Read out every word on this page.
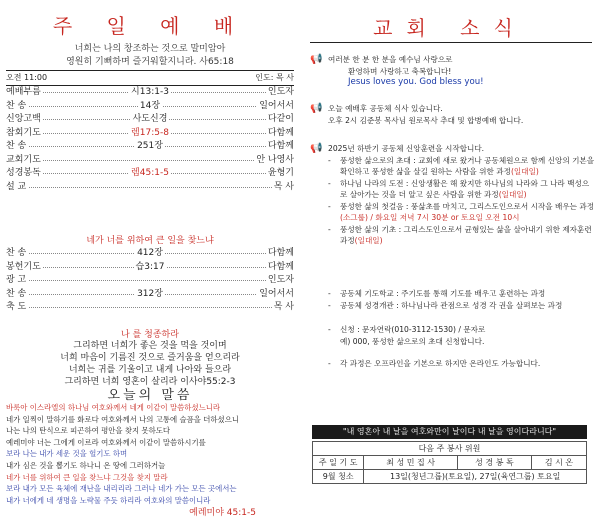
주 일 예 배
너희는 나의 창조하는 것으로 말미암아
영원히 기뻐하며 즐거워할지니라. 사65:18
오전 11:00	인도: 목 사
예배부름	시13:1-3	인도자
찬 송	14장	일어서서
신앙고백	사도신경	다같이
참회기도	렘17:5-8	다함께
찬 송	251장	다함께
교회기도	안 나영사
성경봉독	렘45:1-5	윤형기
설 교	목 사
네가 너를 위하여 큰 일을 찾느냐
찬 송	412장	다함께
봉헌기도	습3:17	다함께
광 고	인도자
찬 송	312장	일어서서
축 도	목 사
나 를 청종하라
그리하면 너희가 좋은 것을 먹을 것이며
너희 마음이 기름진 것으로 즐거움을 얻으리라
너희는 귀를 기울이고 내게 나아와 들으라
그리하면 너희 영혼이 살리라 이사야55:2-3
오늘의 말씀
바룩아 이스라엘의 하나님 여호와께서 네게 이같이 말씀하셨느니라
네가 일찍이 말하기를 화로다 여호와께서 나의 고통에 슬픔을 더하셨으니
나는 나의 탄식으로 피곤하여 평안을 찾지 못하도다
예레미야 너는 그에게 이르라 여호와께서 이같이 말씀하시기를
보라 나는 내가 세운 것을 헐기도 하며
내가 심은 것을 뽑기도 하나니 온 땅에 그러하거늘
네가 너를 위하여 큰 일을 찾느냐 그것을 찾지 말라
보라 내가 모든 육체에 재난을 내리리라 그러나 네가 가는 모든 곳에서는
내가 너에게 네 생명을 노략물 주듯 하리라 여호와의 말씀이니라
예레미야 45:1-5
교회 소식
📢 여러분 한 분 한 분을 예수님 사랑으로
환영하며 사랑하고 축복합니다!
Jesus loves you. God bless you!
📢 오늘 예배후 공동체 식사 있습니다.
오후 2시 김준봉 목사님 원로목사 추대 및 합병예배 합니다.
📢 2025년 하반기 공동체 신앙훈련을 시작합니다.
- 풍성한 삶으로의 초대 : 교회에 새로 왔거나 공동체원으로 함께 신앙의 기본을 확인하고 풍성한 삶을 살길 원하는 사람을 위한 과정(일대일)
- 하나님 나라의 도전 : 신앙생활은 해 왔지만 하나님의 나라와 그 나라 백성으로 살아가는 것을 더 알고 싶은 사람을 위한 과정(일대일)
- 풍성한 삶의 첫걸음 : 풍삶초를 마치고, 그리스도인으로서 시작을 배우는 과정(소그룹) / 화요일 저녁 7시 30분 or 토요일 오전 10시
- 풍성한 삶의 기초 : 그리스도인으로서 균형있는 삶을 살아내기 위한 제자훈련 과정(일대일)
- 공동체 기도학교 : 주기도를 통해 기도를 배우고 훈련하는 과정
- 공동체 성경개관 : 하나님나라 관점으로 성경 각 권을 살펴보는 과정
- 신청 : 문자연락(010-3112-1530) / 문자로
예) 000, 풍성한 삶으로의 초대 신청합니다.
- 각 과정은 오프라인을 기본으로 하지만 온라인도 가능합니다.
"내 영혼아 내 날을 여호와만이 날이다 내 날을 영이다라니다"
다음 주 봉사 위원			
주 일 기 도	최 성 민 집 사	성 경 봉 독	김 시 온
9월 청소	13일(청년그룹)(토요일), 27일(육연그룹) 토요일		
